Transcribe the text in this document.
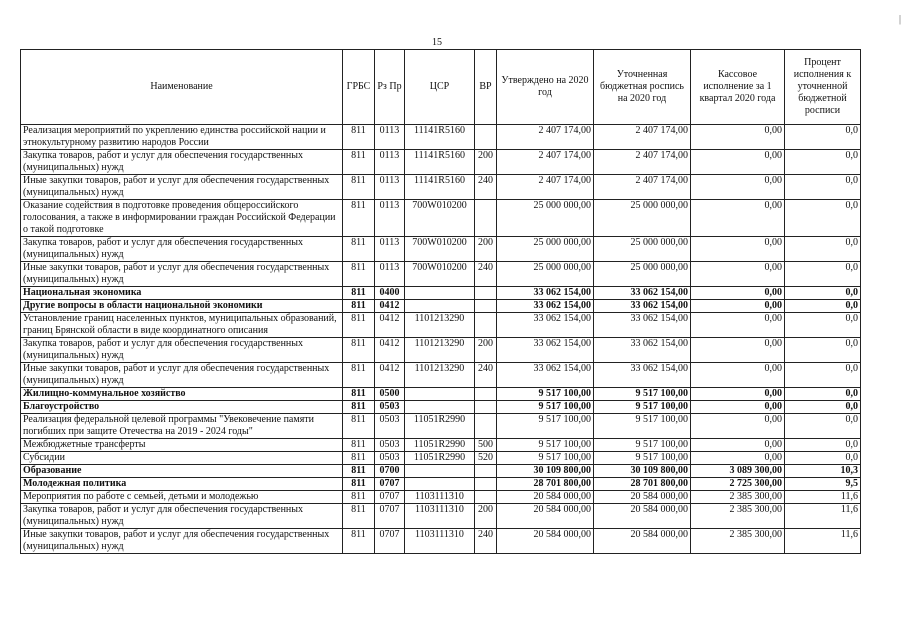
15
|
Наименование	ГРБС	Рз Пр	ЦСР	ВР	Утверждено на 2020 год	Уточненная бюджетная роспись на 2020 год	Кассовое исполнение за 1 квартал 2020 года	Процент исполнения к уточненной бюджетной росписи
Реализация мероприятий по укреплению единства российской нации и этнокультурному развитию народов России	811	0113	11141R5160		2 407 174,00	2 407 174,00	0,00	0,0
Закупка товаров, работ и услуг для обеспечения государственных (муниципальных) нужд	811	0113	11141R5160	200	2 407 174,00	2 407 174,00	0,00	0,0
Иные закупки товаров, работ и услуг для обеспечения государственных (муниципальных) нужд	811	0113	11141R5160	240	2 407 174,00	2 407 174,00	0,00	0,0
Оказание содействия в подготовке проведения общероссийского голосования, а также в информировании граждан Российской Федерации о такой подготовке	811	0113	700W010200		25 000 000,00	25 000 000,00	0,00	0,0
Закупка товаров, работ и услуг для обеспечения государственных (муниципальных) нужд	811	0113	700W010200	200	25 000 000,00	25 000 000,00	0,00	0,0
Иные закупки товаров, работ и услуг для обеспечения государственных (муниципальных) нужд	811	0113	700W010200	240	25 000 000,00	25 000 000,00	0,00	0,0
Национальная экономика	811	0400			33 062 154,00	33 062 154,00	0,00	0,0
Другие вопросы в области национальной экономики	811	0412			33 062 154,00	33 062 154,00	0,00	0,0
Установление границ населенных пунктов, муниципальных образований, границ Брянской области в виде координатного описания	811	0412	1101213290		33 062 154,00	33 062 154,00	0,00	0,0
Закупка товаров, работ и услуг для обеспечения государственных (муниципальных) нужд	811	0412	1101213290	200	33 062 154,00	33 062 154,00	0,00	0,0
Иные закупки товаров, работ и услуг для обеспечения государственных (муниципальных) нужд	811	0412	1101213290	240	33 062 154,00	33 062 154,00	0,00	0,0
Жилищно-коммунальное хозяйство	811	0500			9 517 100,00	9 517 100,00	0,00	0,0
Благоустройство	811	0503			9 517 100,00	9 517 100,00	0,00	0,0
Реализация федеральной целевой программы "Увековечение памяти погибших при защите Отечества на 2019 - 2024 годы"	811	0503	11051R2990		9 517 100,00	9 517 100,00	0,00	0,0
Межбюджетные трансферты	811	0503	11051R2990	500	9 517 100,00	9 517 100,00	0,00	0,0
Субсидии	811	0503	11051R2990	520	9 517 100,00	9 517 100,00	0,00	0,0
Образование	811	0700			30 109 800,00	30 109 800,00	3 089 300,00	10,3
Молодежная политика	811	0707			28 701 800,00	28 701 800,00	2 725 300,00	9,5
Мероприятия по работе с семьей, детьми и молодежью	811	0707	1103111310		20 584 000,00	20 584 000,00	2 385 300,00	11,6
Закупка товаров, работ и услуг для обеспечения государственных (муниципальных) нужд	811	0707	1103111310	200	20 584 000,00	20 584 000,00	2 385 300,00	11,6
Иные закупки товаров, работ и услуг для обеспечения государственных (муниципальных) нужд	811	0707	1103111310	240	20 584 000,00	20 584 000,00	2 385 300,00	11,6
